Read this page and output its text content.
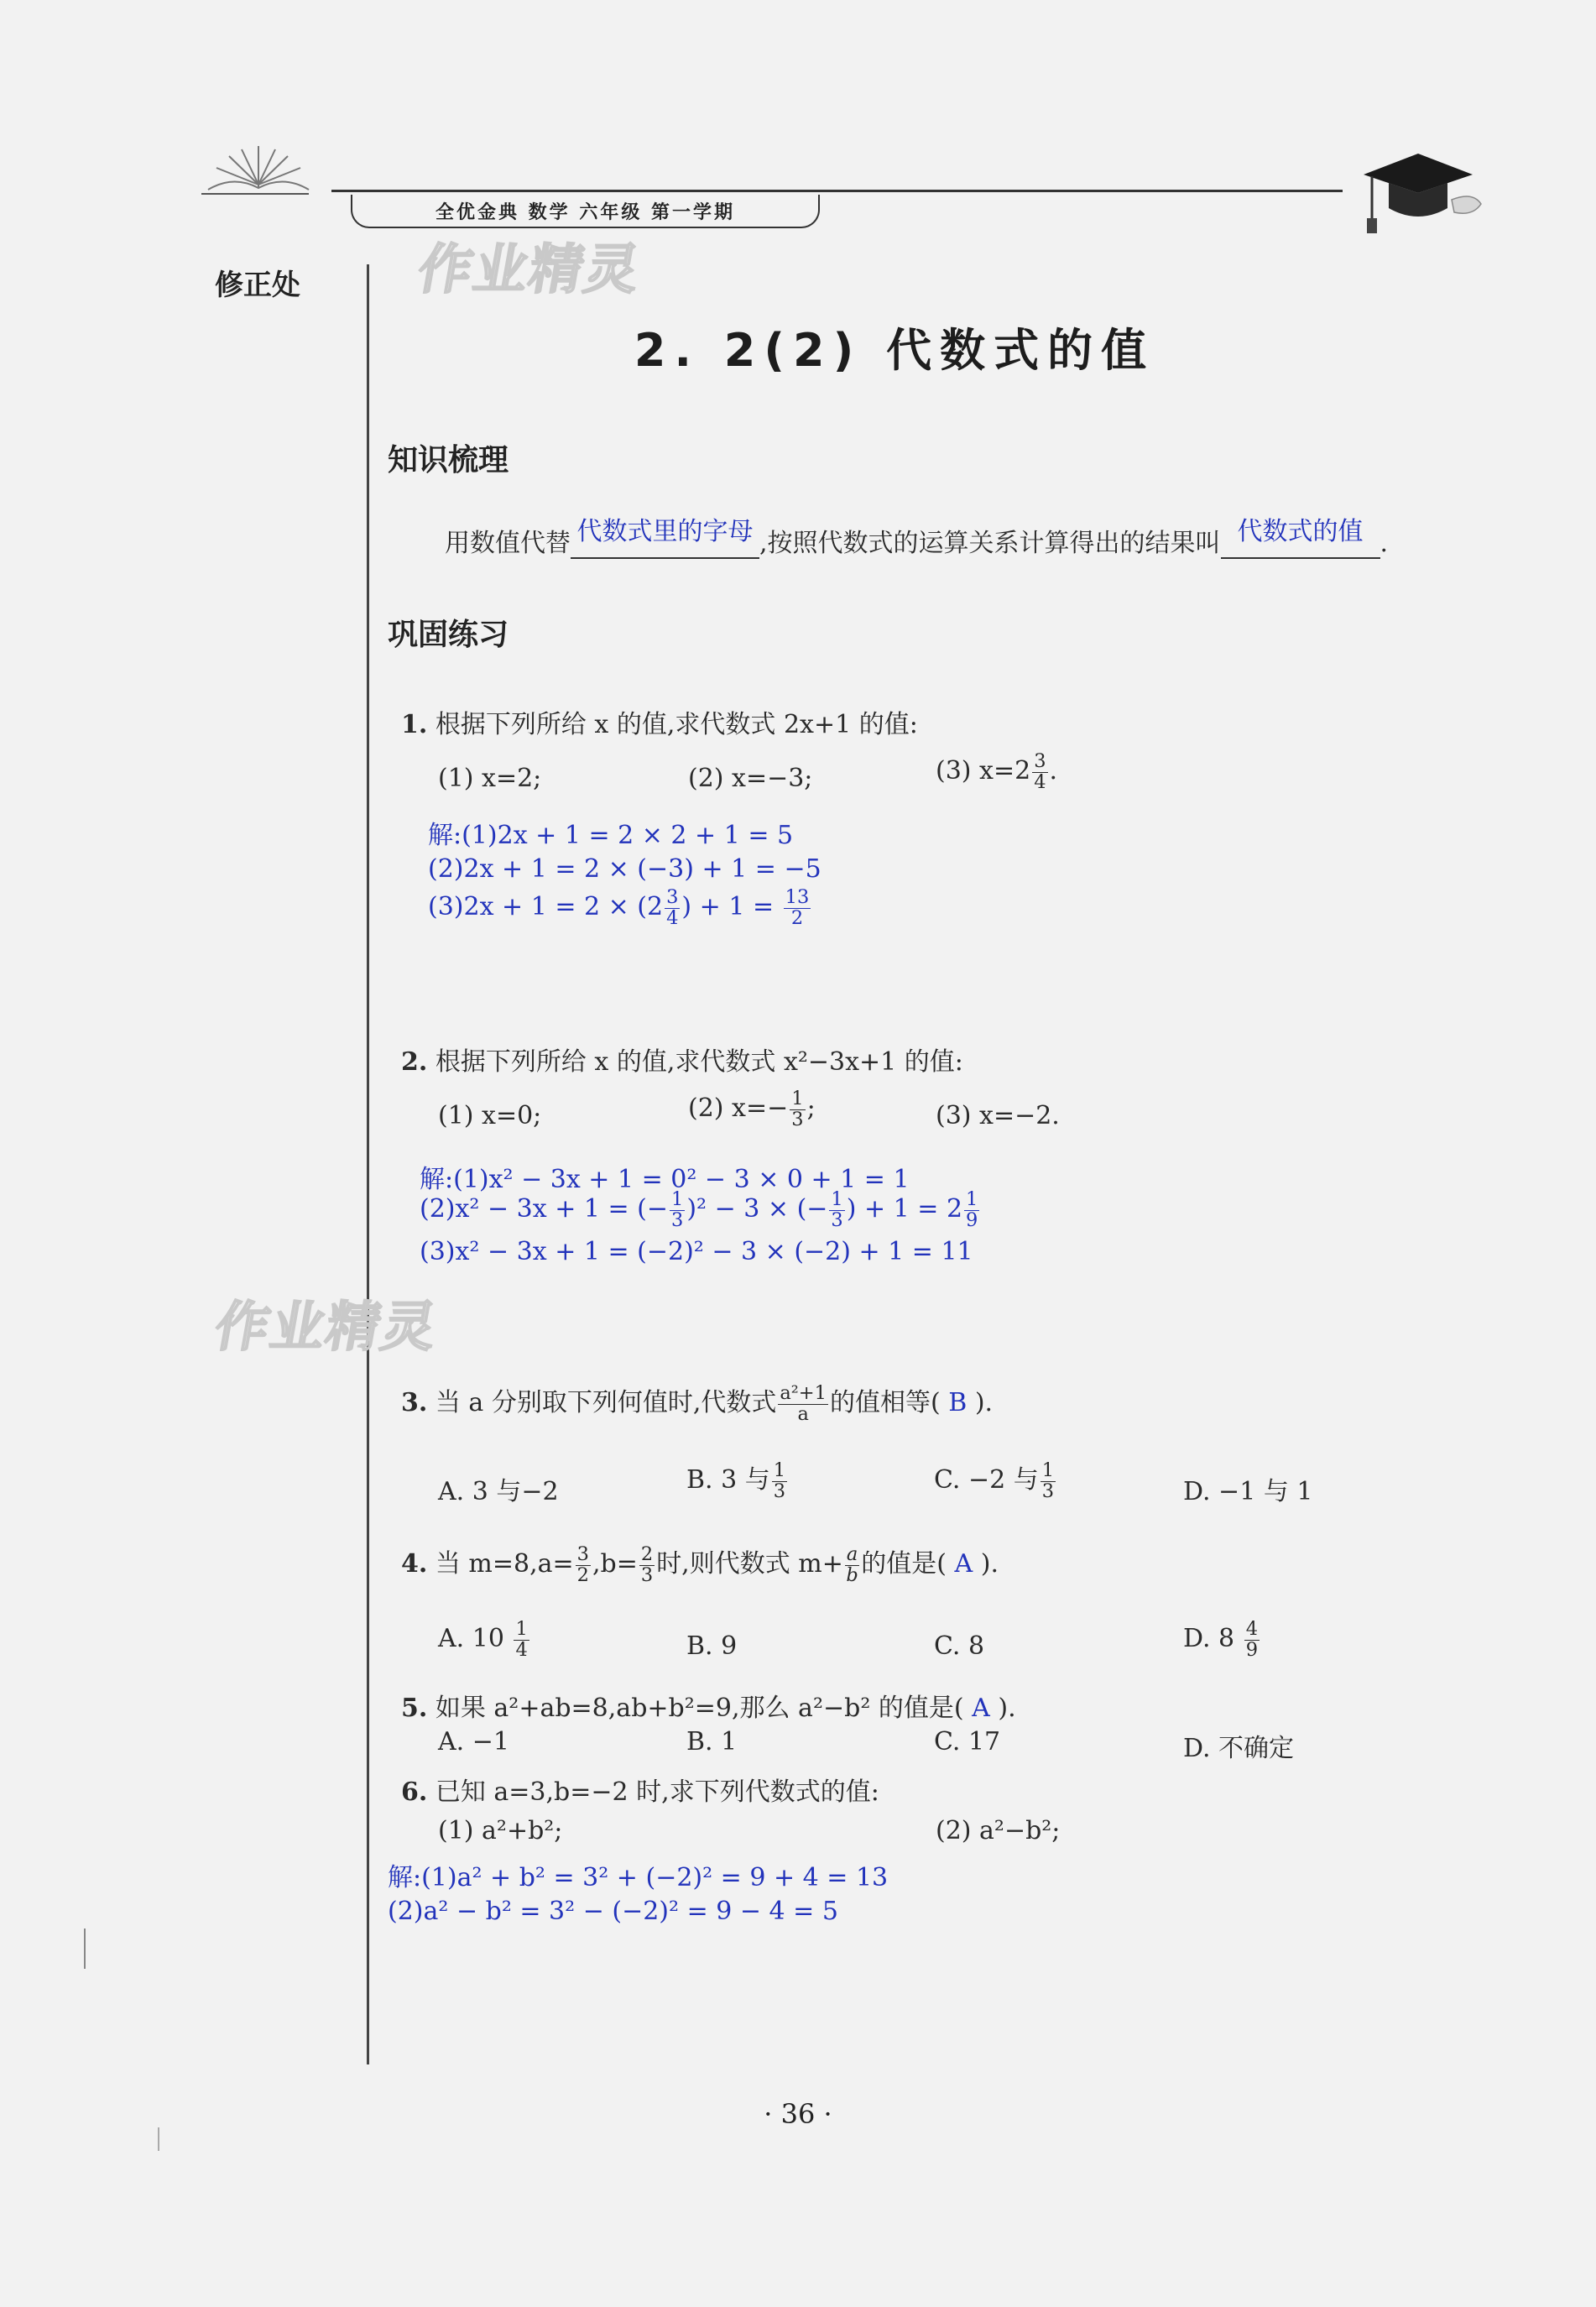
全优金典 数学 六年级 第一学期
修正处 作业精灵
作业精灵
2. 2(2) 代数式的值
知识梳理
用数值代替 代数式里的字母 ,按照代数式的运算关系计算得出的结果叫 代数式的值 .
巩固练习
1. 根据下列所给 x 的值,求代数式 2x+1 的值:
(1) x=2;	(2) x=−3;	(3) $x=2 \frac{3}{4}$ .
解:(1)2x + 1 = 2 × 2 + 1 = 5
(2)2x + 1 = 2 × (−3) + 1 = −5
$(3)2x + 1 = 2 \times (2 \frac{3}{4}$ ) + $1 = \frac{13}{2}$
2. 根据下列所给 x 的值,求代数式 x²−3x+1 的值:
(1) x=0;	(2) $x=- \frac{1}{3}$ ;	(3) x=−2.
解:(1)x² − 3x + 1 = 0² − 3 × 0 + 1 = 1
(2)x² − 3x + 1 = (− $\frac{1}{3} )^2 - 3$ × (− $\frac{1}{3}$ ) + $1 = 2 \frac{1}{9}$
(3)x² − 3x + 1 = (−2)² − 3 × (−2) + 1 = 11
3. 当 a 分别取下列何值时,代数式 $\frac{\text{a²+1}}{a}$ 的值相等( B ).
A. 3 与−2	B. 3 与 $\frac{1}{3}$	C. −2 与 $\frac{1}{3}$	D. −1 与 1
4. 当 $m=8,a= \frac{3}{2} ,b= \frac{2}{3}$ 时,则代数式 $m+ \frac{a}{b}$ 的值是( A ).
A. $10 \frac{1}{4}$	B. 9	C. 8	D. $8 \frac{4}{9}$
5. 如果 a²+ab=8,ab+b²=9,那么 a²−b² 的值是( A ).
A. −1	B. 1	C. 17	D. 不确定
6. 已知 a=3,b=−2 时,求下列代数式的值:
(1) a²+b²;	(2) a²−b²;
解:(1)a² + b² = 3² + (−2)² = 9 + 4 = 13
(2)a² − b² = 3² − (−2)² = 9 − 4 = 5
· 36 ·
